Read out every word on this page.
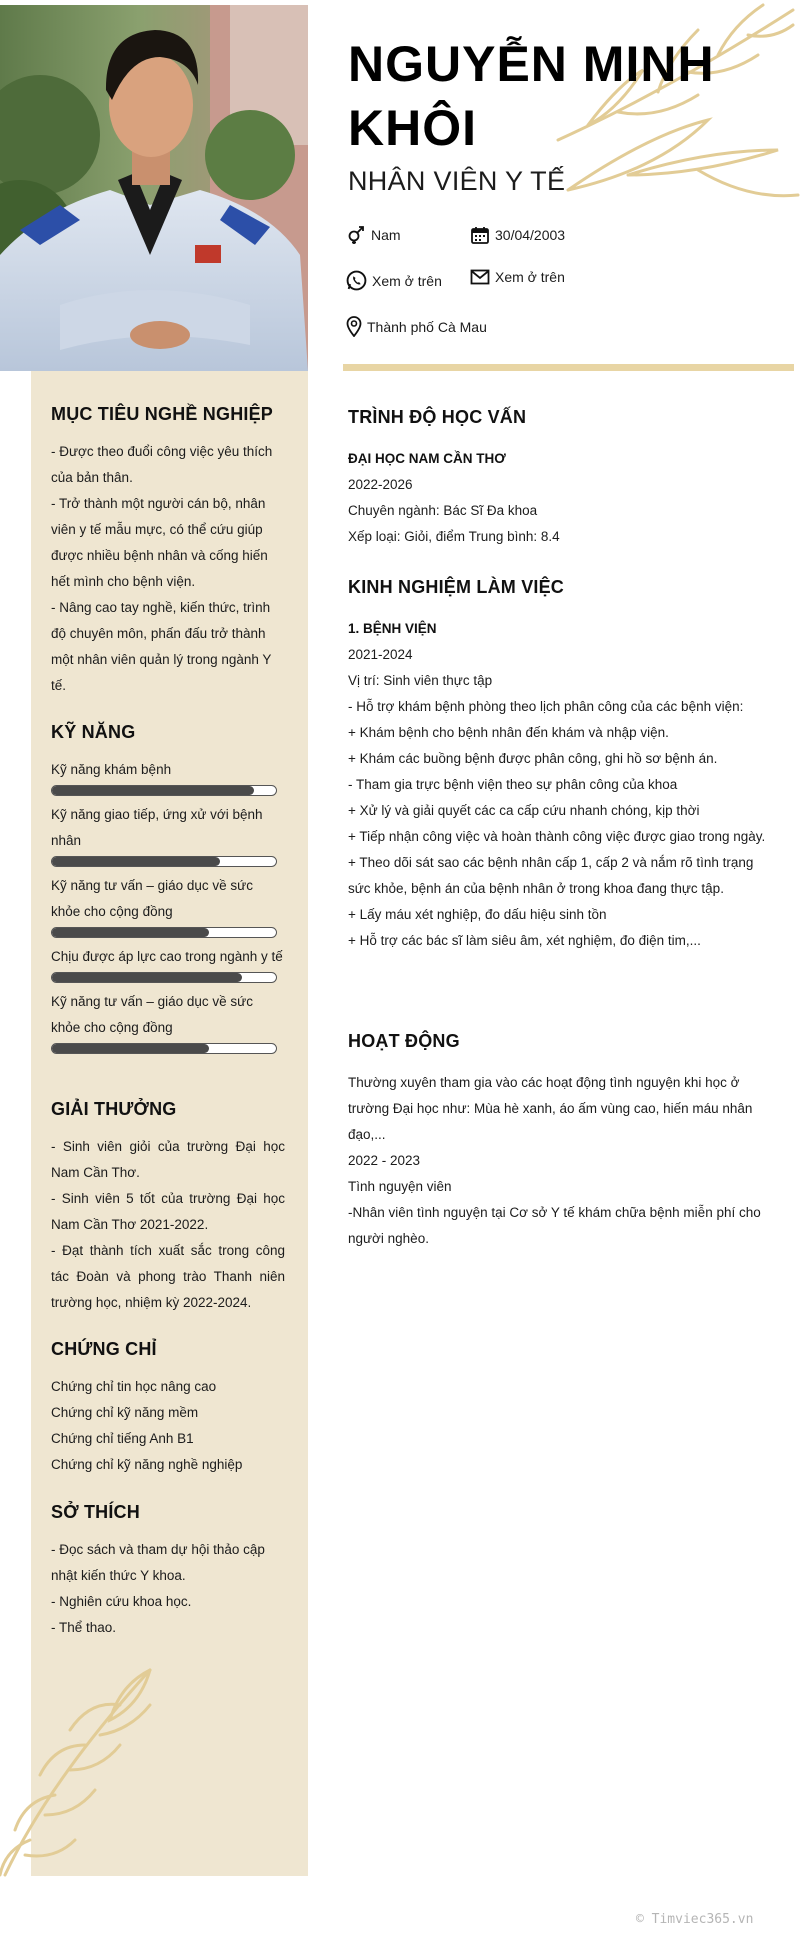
NGUYỄN MINH KHÔI
NHÂN VIÊN Y TẾ
Nam	30/04/2003
Xem ở trên	Xem ở trên
Thành phố Cà Mau
MỤC TIÊU NGHỀ NGHIỆP
- Được theo đuổi công việc yêu thích của bản thân.
- Trở thành một người cán bộ, nhân viên y tế mẫu mực, có thể cứu giúp được nhiều bệnh nhân và cống hiến hết mình cho bệnh viện.
- Nâng cao tay nghề, kiến thức, trình độ chuyên môn, phấn đấu trở thành một nhân viên quản lý trong ngành Y tế.
KỸ NĂNG
Kỹ năng khám bệnh
Kỹ năng giao tiếp, ứng xử với bệnh nhân
Kỹ năng tư vấn – giáo dục về sức khỏe cho cộng đồng
Chịu được áp lực cao trong ngành y tế
Kỹ năng tư vấn – giáo dục về sức khỏe cho cộng đồng
GIẢI THƯỞNG
- Sinh viên giỏi của trường Đại học Nam Cần Thơ.
- Sinh viên 5 tốt của trường Đại học Nam Cần Thơ 2021-2022.
- Đạt thành tích xuất sắc trong công tác Đoàn và phong trào Thanh niên trường học, nhiệm kỳ 2022-2024.
CHỨNG CHỈ
Chứng chỉ tin học nâng cao
Chứng chỉ kỹ năng mềm
Chứng chỉ tiếng Anh B1
Chứng chỉ kỹ năng nghề nghiệp
SỞ THÍCH
- Đọc sách và tham dự hội thảo cập nhật kiến thức Y khoa.
- Nghiên cứu khoa học.
- Thể thao.
TRÌNH ĐỘ HỌC VẤN
ĐẠI HỌC NAM CẦN THƠ
2022-2026
Chuyên ngành: Bác Sĩ Đa khoa
Xếp loại: Giỏi, điểm Trung bình: 8.4
KINH NGHIỆM LÀM VIỆC
1. BỆNH VIỆN
2021-2024
Vị trí: Sinh viên thực tập
- Hỗ trợ khám bệnh phòng theo lịch phân công của các bệnh viện:
+ Khám bệnh cho bệnh nhân đến khám và nhập viện.
+ Khám các buồng bệnh được phân công, ghi hồ sơ bệnh án.
- Tham gia trực bệnh viện theo sự phân công của khoa
+ Xử lý và giải quyết các ca cấp cứu nhanh chóng, kịp thời
+ Tiếp nhận công việc và hoàn thành công việc được giao trong ngày.
+ Theo dõi sát sao các bệnh nhân cấp 1, cấp 2 và nắm rõ tình trạng sức khỏe, bệnh án của bệnh nhân ở trong khoa đang thực tập.
+ Lấy máu xét nghiệp, đo dấu hiệu sinh tồn
+ Hỗ trợ các bác sĩ làm siêu âm, xét nghiệm, đo điện tim,...
HOẠT ĐỘNG
Thường xuyên tham gia vào các hoạt động tình nguyện khi học ở trường Đại học như: Mùa hè xanh, áo ấm vùng cao, hiến máu nhân đạo,...
2022 - 2023
Tình nguyện viên
-Nhân viên tình nguyện tại Cơ sở Y tế khám chữa bệnh miễn phí cho người nghèo.
© Timviec365.vn
